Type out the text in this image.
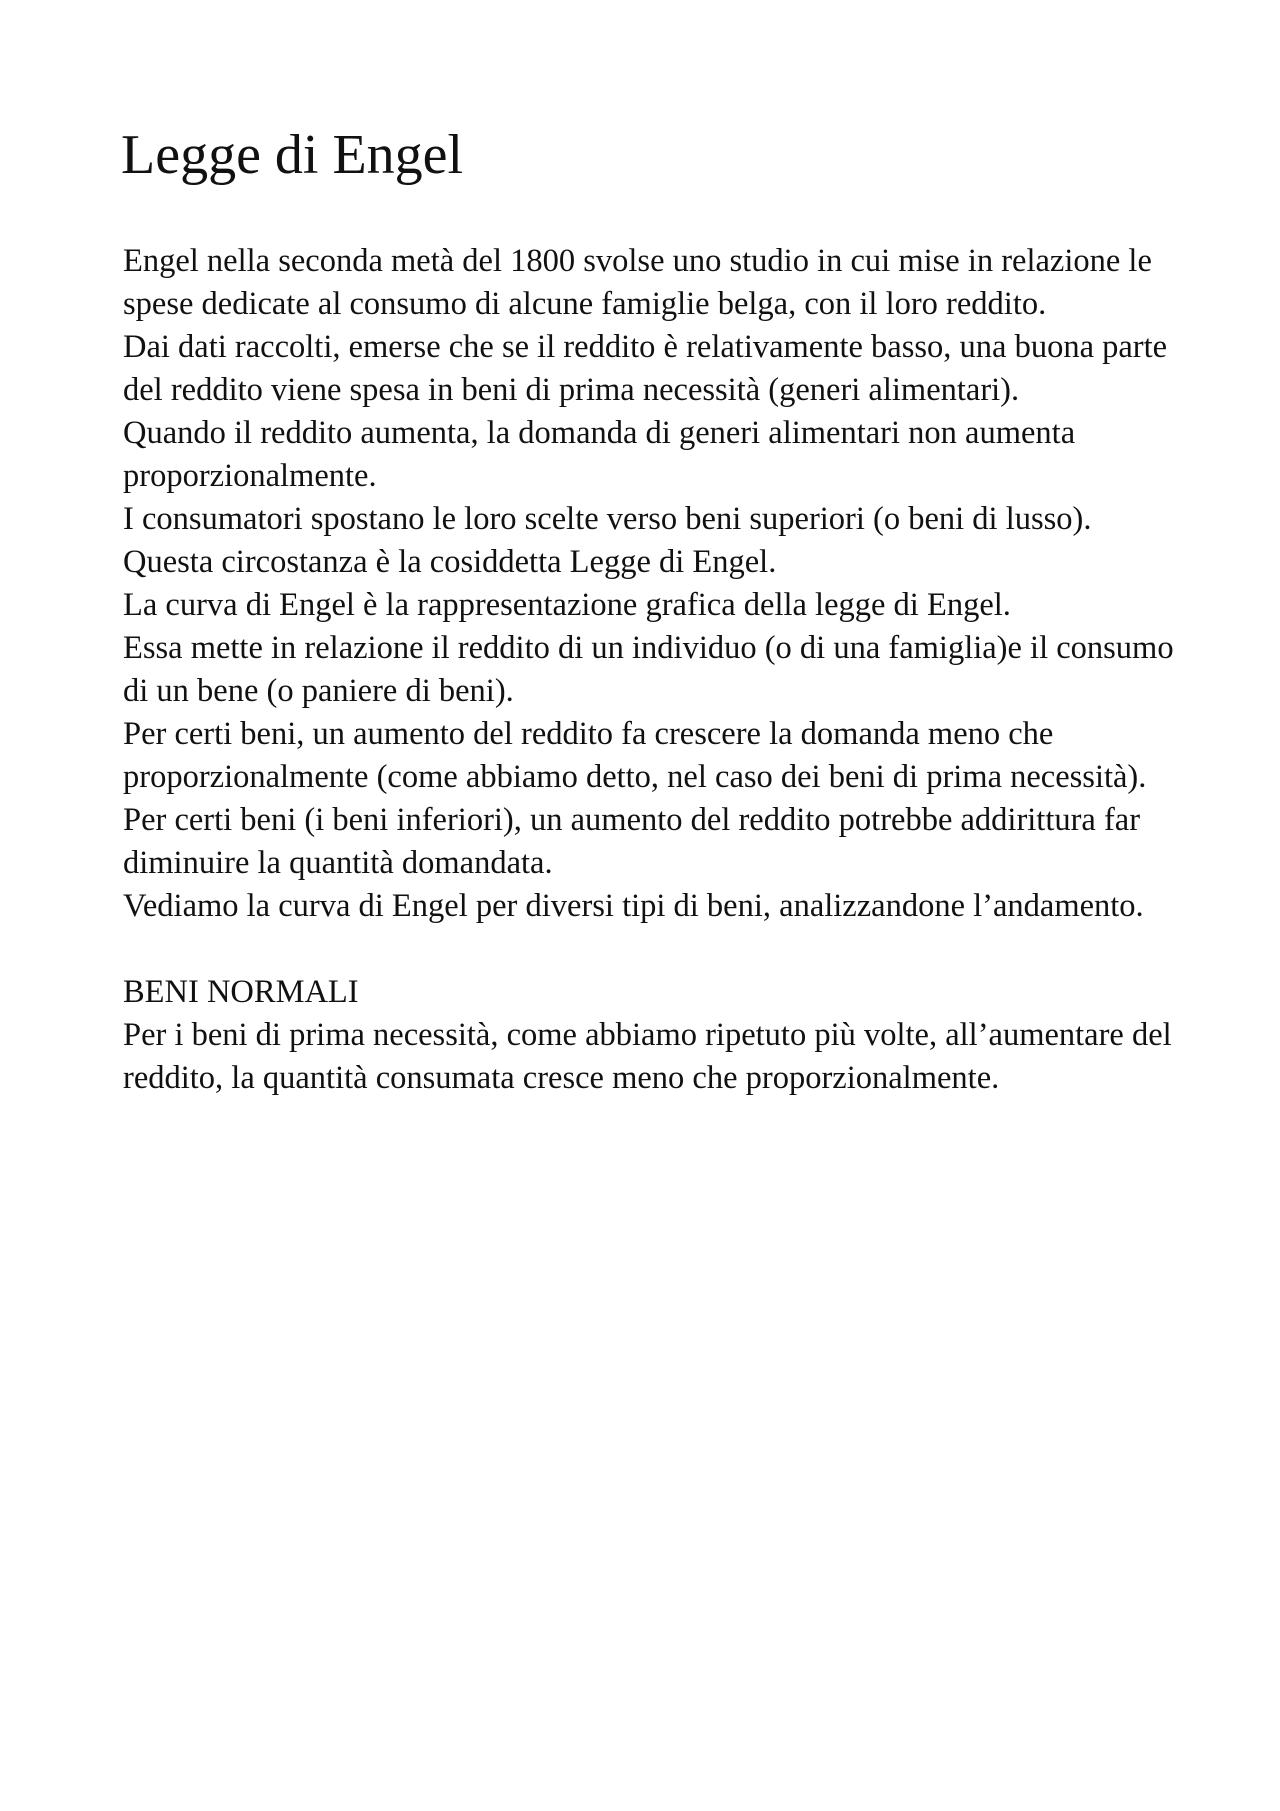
Legge di Engel

Engel nella seconda metà del 1800 svolse uno studio in cui mise in relazione le spese dedicate al consumo di alcune famiglie belga, con il loro reddito.

Dai dati raccolti, emerse che se il reddito è relativamente basso, una buona parte del reddito viene spesa in beni di prima necessità (generi alimentari).

Quando il reddito aumenta, la domanda di generi alimentari non aumenta proporzionalmente.

I consumatori spostano le loro scelte verso beni superiori (o beni di lusso).

Questa circostanza è la cosiddetta Legge di Engel.

La curva di Engel è la rappresentazione grafica della legge di Engel.

Essa mette in relazione il reddito di un individuo (o di una famiglia)e il consumo di un bene (o paniere di beni).

Per certi beni, un aumento del reddito fa crescere la domanda meno che proporzionalmente (come abbiamo detto, nel caso dei beni di prima necessità).

Per certi beni (i beni inferiori), un aumento del reddito potrebbe addirittura far diminuire la quantità domandata.

Vediamo la curva di Engel per diversi tipi di beni, analizzandone l’andamento.

BENI NORMALI

Per i beni di prima necessità, come abbiamo ripetuto più volte, all’aumentare del reddito, la quantità consumata cresce meno che proporzionalmente.
